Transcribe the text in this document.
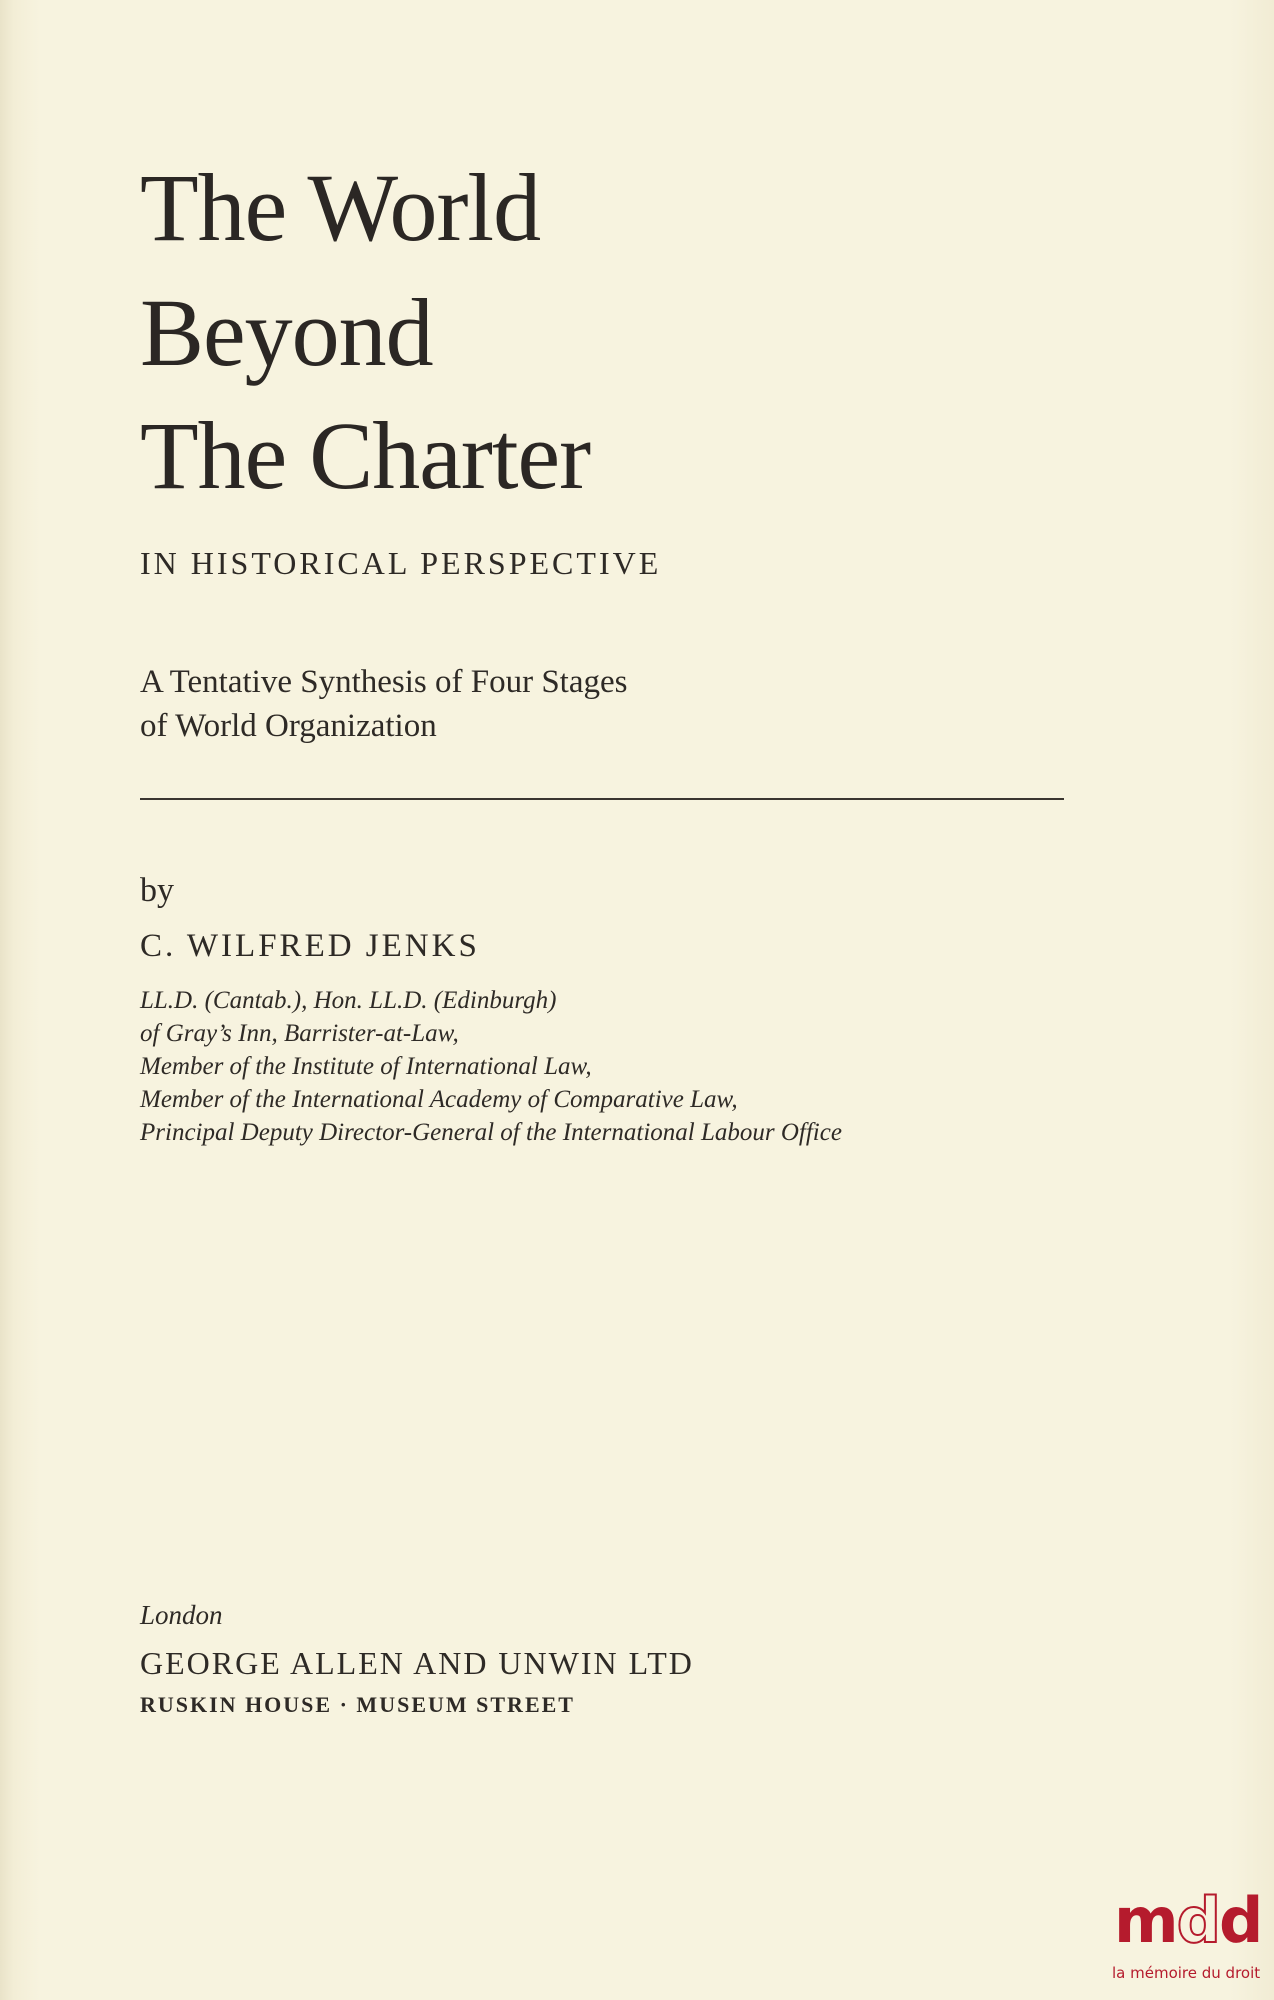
The World
Beyond
The Charter
IN HISTORICAL PERSPECTIVE
A Tentative Synthesis of Four Stages
of World Organization
by
C. WILFRED JENKS
LL.D. (Cantab.), Hon. LL.D. (Edinburgh)
of Gray’s Inn, Barrister-at-Law,
Member of the Institute of International Law,
Member of the International Academy of Comparative Law,
Principal Deputy Director-General of the International Labour Office
London
GEORGE ALLEN AND UNWIN LTD
RUSKIN HOUSE · MUSEUM STREET
mdd
la mémoire du droit
